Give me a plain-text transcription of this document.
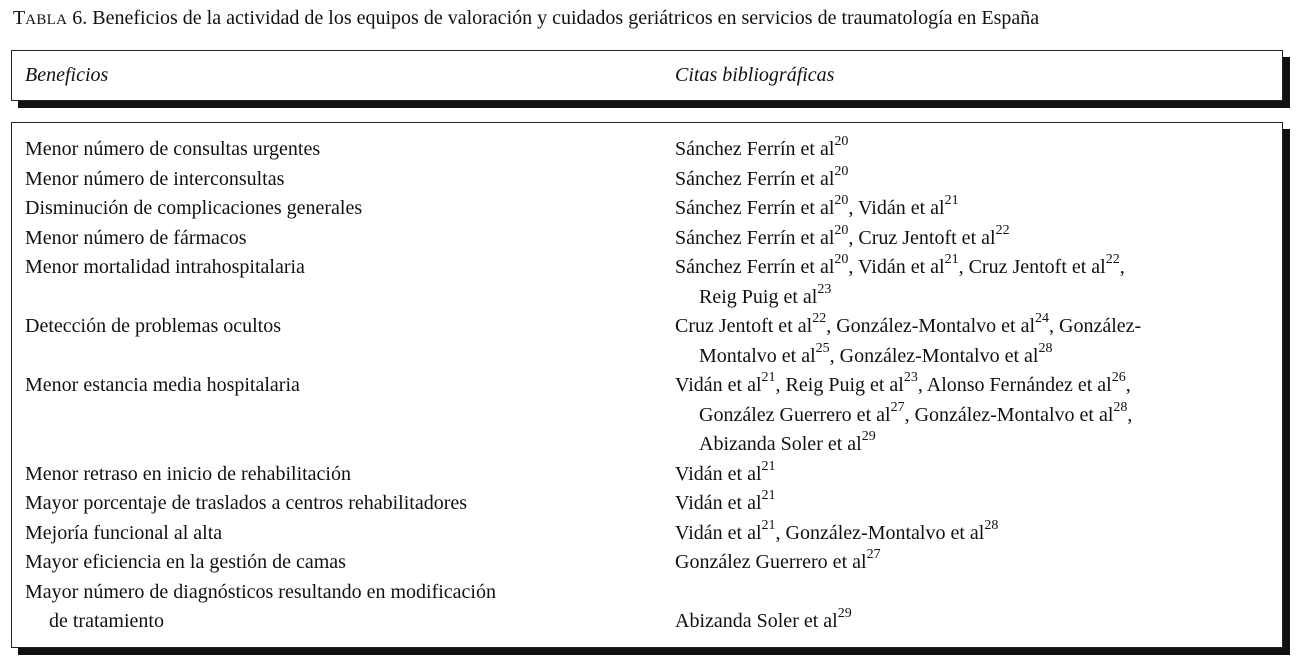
TABLA 6. Beneficios de la actividad de los equipos de valoración y cuidados geriátricos en servicios de traumatología en España
Beneficios	Citas bibliográficas
Menor número de consultas urgentes	Sánchez Ferrín et $al^{20}$
Menor número de interconsultas	Sánchez Ferrín et $al^{20}$
Disminución de complicaciones generales	Sánchez Ferrín et $al^{20}$, Vidán et $al^{21}$
Menor número de fármacos	Sánchez Ferrín et $al^{20}$, Cruz Jentoft et $al^{22}$
Menor mortalidad intrahospitalaria	Sánchez Ferrín et $al^{20}$, Vidán et $al^{21}$, Cruz Jentoft et $al^{22}$,
Reig Puig et $al^{23}$
Detección de problemas ocultos	Cruz Jentoft et $al^{22}$, González-Montalvo et $al^{24}$, González-
Montalvo et $al^{25}$, González-Montalvo et $al^{28}$
Menor estancia media hospitalaria	Vidán et $al^{21}$, Reig Puig et $al^{23}$, Alonso Fernández et $al^{26}$,
González Guerrero et $al^{27}$, González-Montalvo et $al^{28}$,
Abizanda Soler et $al^{29}$
Menor retraso en inicio de rehabilitación	Vidán et $al^{21}$
Mayor porcentaje de traslados a centros rehabilitadores	Vidán et $al^{21}$
Mejoría funcional al alta	Vidán et $al^{21}$, González-Montalvo et $al^{28}$
Mayor eficiencia en la gestión de camas	González Guerrero et $al^{27}$
Mayor número de diagnósticos resultando en modificación
de tratamiento
	Abizanda Soler et $al^{29}$
